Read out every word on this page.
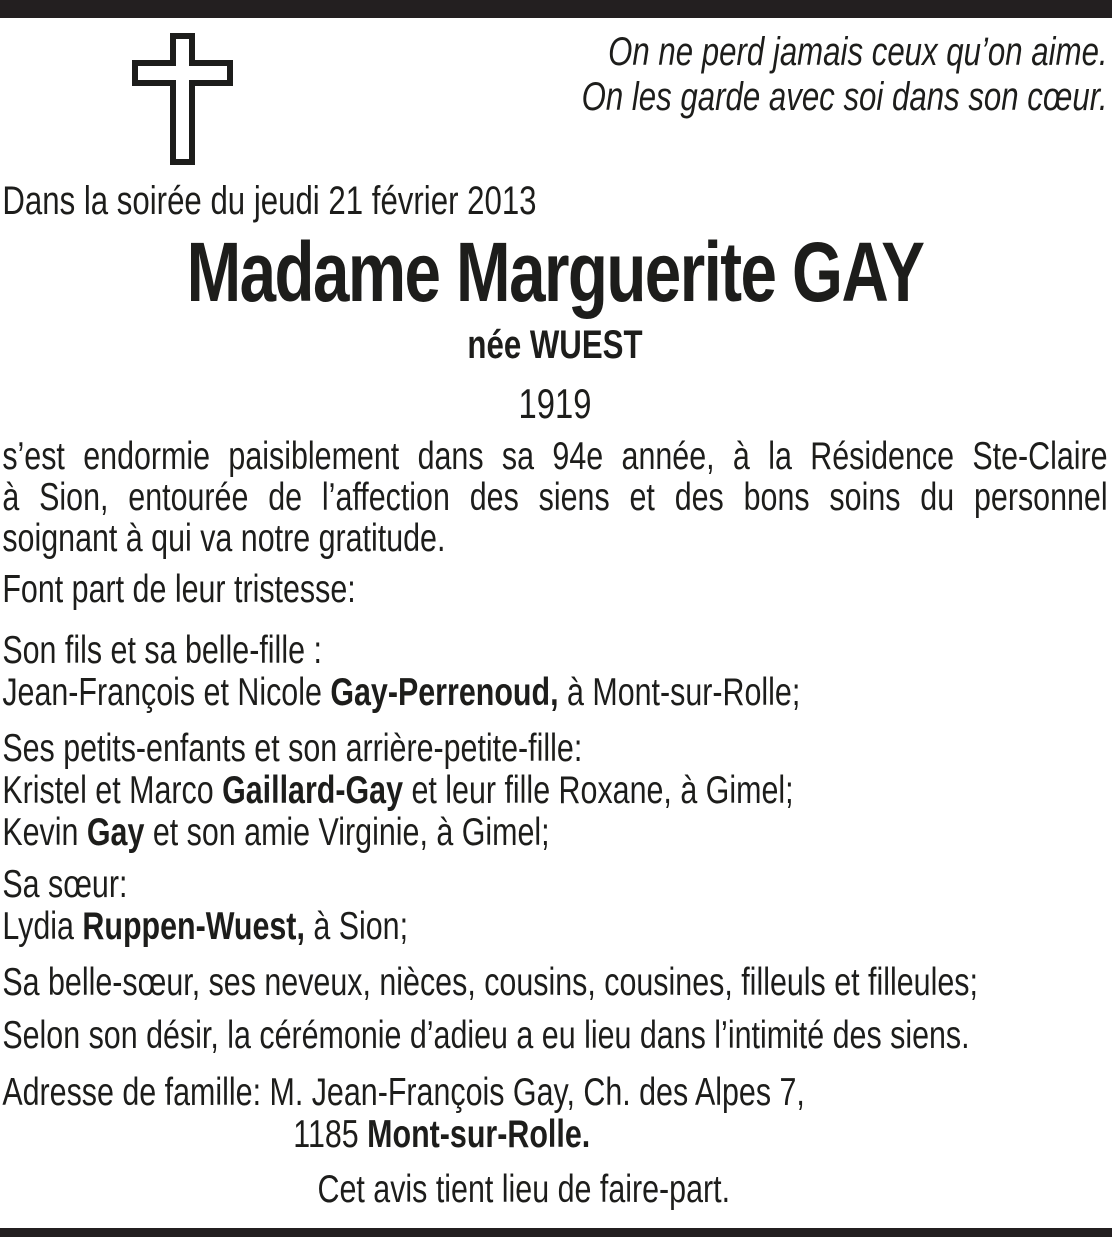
On ne perd jamais ceux qu’on aime.
On les garde avec soi dans son cœur.
Dans la soirée du jeudi 21 février 2013
Madame Marguerite GAY
née WUEST
1919
s’est endormie paisiblement dans sa 94e année, à la Résidence Ste-Claire
à Sion, entourée de l’affection des siens et des bons soins du personnel
soignant à qui va notre gratitude.
Font part de leur tristesse:
Son fils et sa belle-fille :
Jean-François et Nicole Gay-Perrenoud, à Mont-sur-Rolle;
Ses petits-enfants et son arrière-petite-fille:
Kristel et Marco Gaillard-Gay et leur fille Roxane, à Gimel;
Kevin Gay et son amie Virginie, à Gimel;
Sa sœur:
Lydia Ruppen-Wuest, à Sion;
Sa belle-sœur, ses neveux, nièces, cousins, cousines, filleuls et filleules;
Selon son désir, la cérémonie d’adieu a eu lieu dans l’intimité des siens.
Adresse de famille: M. Jean-François Gay, Ch. des Alpes 7,
1185 Mont-sur-Rolle.
Cet avis tient lieu de faire-part.
